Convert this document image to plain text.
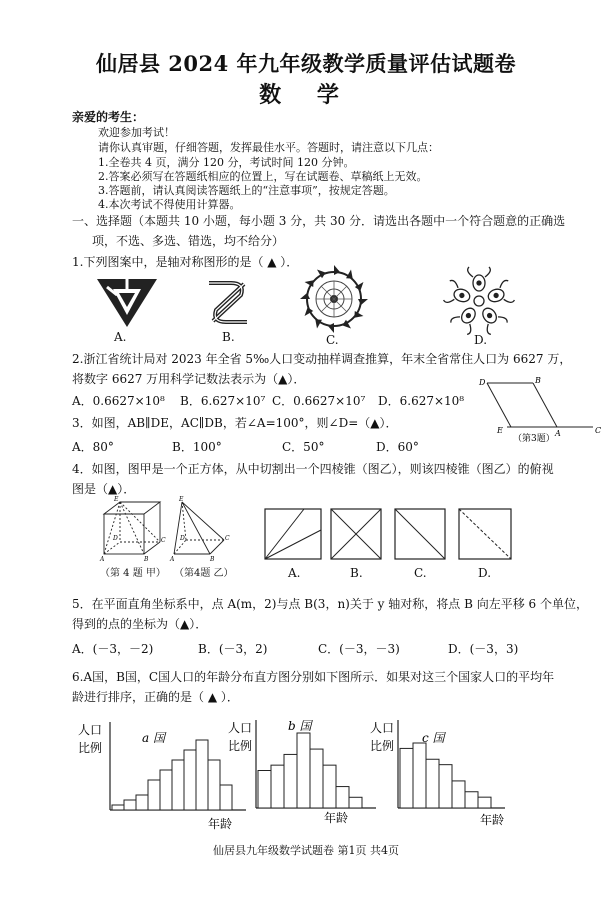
仙居县 2024 年九年级教学质量评估试题卷
数 学
亲爱的考生：
欢迎参加考试！
请你认真审题，仔细答题，发挥最佳水平。答题时，请注意以下几点：
1.全卷共 4 页，满分 120 分，考试时间 120 分钟。
2.答案必须写在答题纸相应的位置上，写在试题卷、草稿纸上无效。
3.答题前，请认真阅读答题纸上的“注意事项”，按规定答题。
4.本次考试不得使用计算器。
一、选择题（本题共 10 小题，每小题 3 分，共 30 分．请选出各题中一个符合题意的正确选
项，不选、多选、错选，均不给分）
1.下列图案中，是轴对称图形的是（ ▲ ）．
A.	B.	C.	D.
2.浙江省统计局对 2023 年全省 5‰人口变动抽样调查推算，年末全省常住人口为 6627 万，
将数字 6627 万用科学记数法表示为（▲）．
A．0.6627×10⁸ B．6.627×10⁷ C．0.6627×10⁷ D．6.627×10⁸
3．如图，AB∥DE，AC∥DB，若∠A=100°，则∠D=（▲）．
A．80°	B．100°	C．50°	D．60°
D	B
E	A	C
（第3题）
4．如图，图甲是一个正方体，从中切割出一个四棱锥（图乙），则该四棱锥（图乙）的俯视
图是（▲）．
E
D
A	B
C
（第 4 题 甲）
E
D	C
A	B
（第4题 乙）	A.	B.	C.	D.
5．在平面直角坐标系中，点 A(m，2)与点 B(3，n)关于 y 轴对称，将点 B 向左平移 6 个单位，
得到的点的坐标为（▲）．
A．(－3，－2)	B．(－3，2)	C．(－3，－3)	D．(－3，3)
6.A国，B国，C国人口的年龄分布直方图分别如下图所示．如果对这三个国家人口的平均年
龄进行排序，正确的是（ ▲ ）．
人口
比例
a 国
年龄
人口
比例
b 国
年龄
人口
比例
c 国
年龄
仙居县九年级数学试题卷 第1页 共4页
